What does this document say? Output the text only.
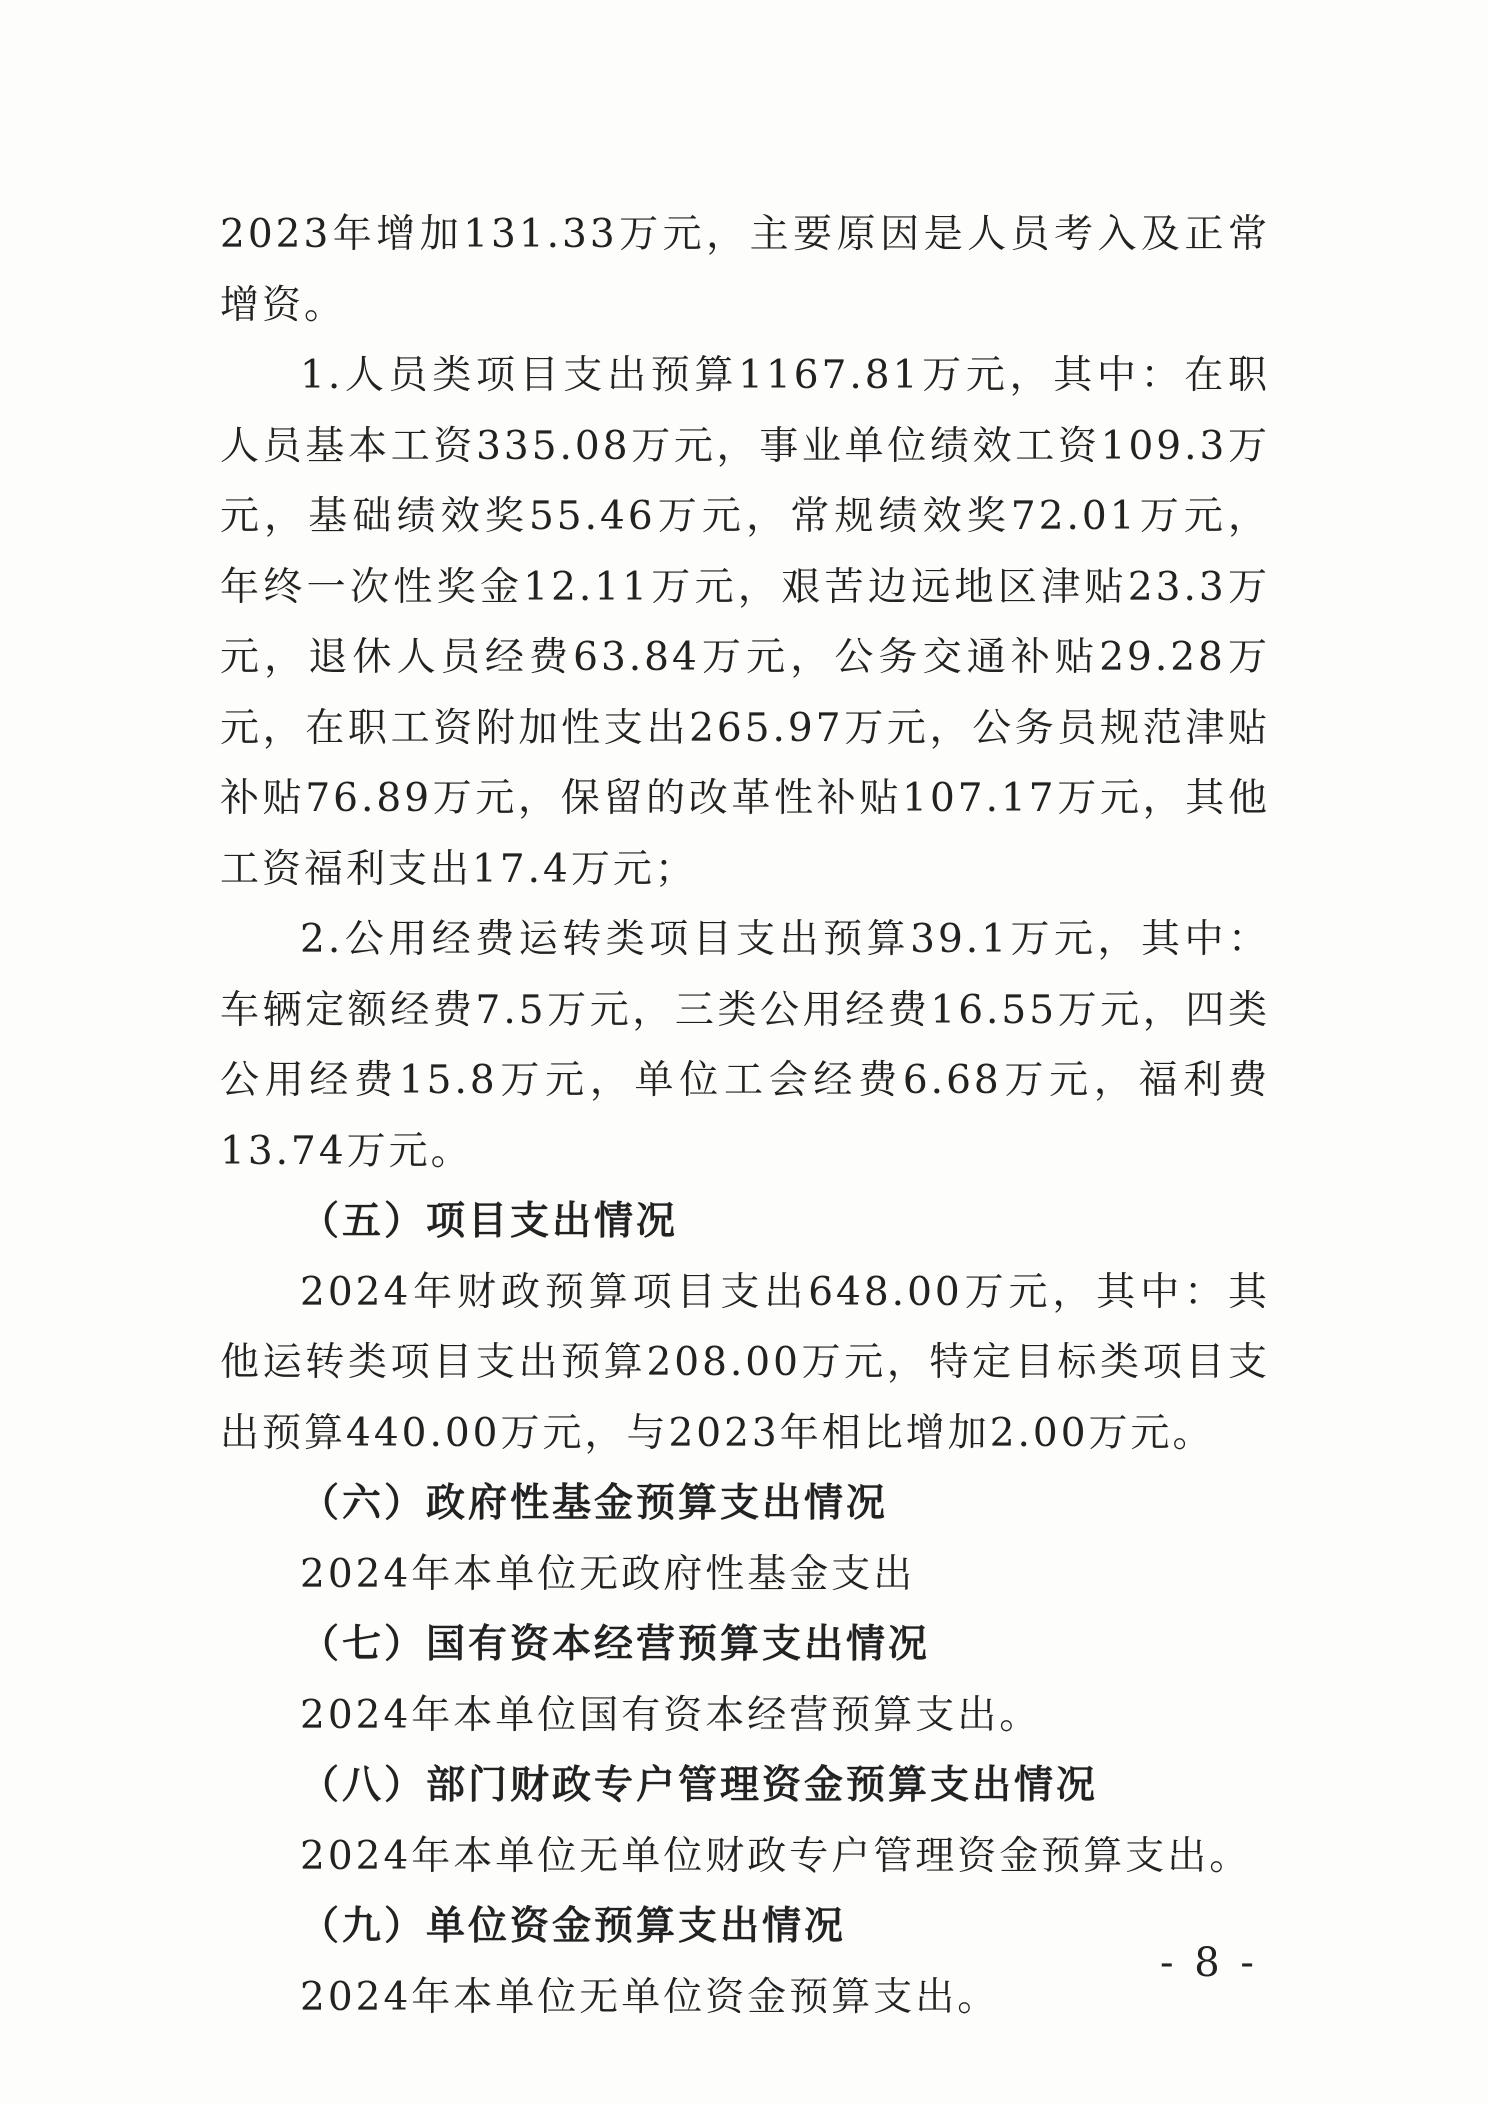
2023年增加131.33万元，主要原因是人员考入及正常增资。

1.人员类项目支出预算1167.81万元，其中：在职人员基本工资335.08万元，事业单位绩效工资109.3万元，基础绩效奖55.46万元，常规绩效奖72.01万元，年终一次性奖金12.11万元，艰苦边远地区津贴23.3万元，退休人员经费63.84万元，公务交通补贴29.28万元，在职工资附加性支出265.97万元，公务员规范津贴补贴76.89万元，保留的改革性补贴107.17万元，其他工资福利支出17.4万元；

2.公用经费运转类项目支出预算39.1万元，其中：车辆定额经费7.5万元，三类公用经费16.55万元，四类公用经费15.8万元，单位工会经费6.68万元，福利费13.74万元。

（五）项目支出情况

2024年财政预算项目支出648.00万元，其中：其他运转类项目支出预算208.00万元，特定目标类项目支出预算440.00万元，与2023年相比增加2.00万元。

（六）政府性基金预算支出情况

2024年本单位无政府性基金支出

（七）国有资本经营预算支出情况

2024年本单位国有资本经营预算支出。

（八）部门财政专户管理资金预算支出情况

2024年本单位无单位财政专户管理资金预算支出。

（九）单位资金预算支出情况

2024年本单位无单位资金预算支出。

- 8 -
